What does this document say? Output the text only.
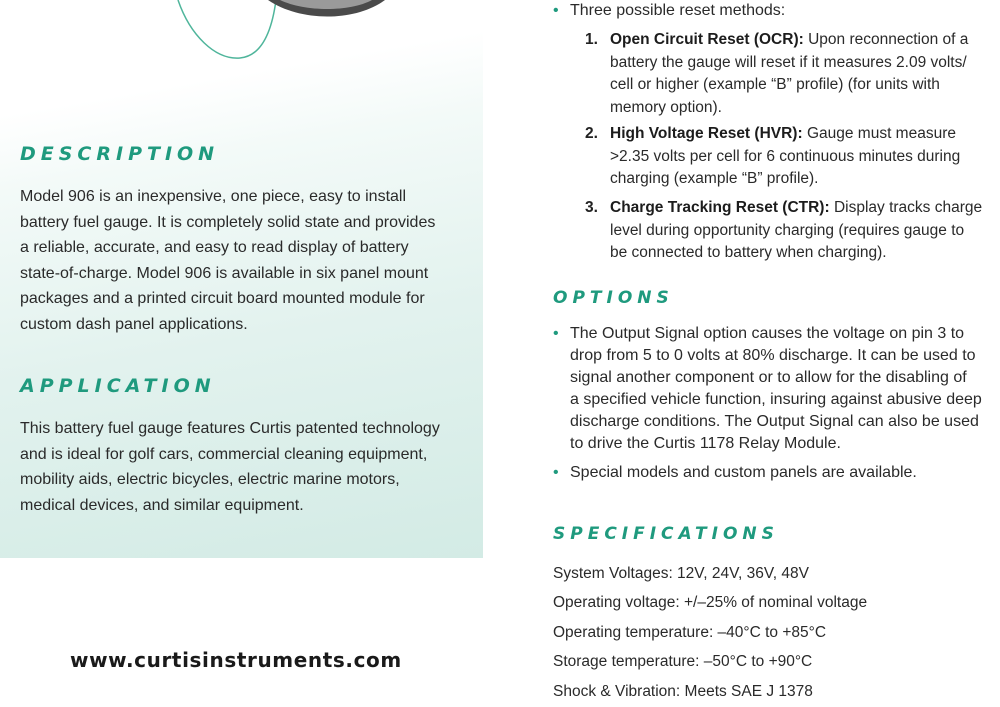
DESCRIPTION
Model 906 is an inexpensive, one piece, easy to install
battery fuel gauge. It is completely solid state and provides
a reliable, accurate, and easy to read display of battery
state-of-charge. Model 906 is available in six panel mount
packages and a printed circuit board mounted module for
custom dash panel applications.
APPLICATION
This battery fuel gauge features Curtis patented technology
and is ideal for golf cars, commercial cleaning equipment,
mobility aids, electric bicycles, electric marine motors,
medical devices, and similar equipment.
www.curtisinstruments.com
• Three possible reset methods:
1. Open Circuit Reset (OCR): Upon reconnection of a
battery the gauge will reset if it measures 2.09 volts/
cell or higher (example “B” profile) (for units with
memory option).
2. High Voltage Reset (HVR): Gauge must measure
>2.35 volts per cell for 6 continuous minutes during
charging (example “B” profile).
3. Charge Tracking Reset (CTR): Display tracks charge
level during opportunity charging (requires gauge to
be connected to battery when charging).
OPTIONS
• The Output Signal option causes the voltage on pin 3 to
drop from 5 to 0 volts at 80% discharge. It can be used to
signal another component or to allow for the disabling of
a specified vehicle function, insuring against abusive deep
discharge conditions. The Output Signal can also be used
to drive the Curtis 1178 Relay Module.
• Special models and custom panels are available.
SPECIFICATIONS
System Voltages: 12V, 24V, 36V, 48V
Operating voltage: +/–25% of nominal voltage
Operating temperature: –40°C to +85°C
Storage temperature: –50°C to +90°C
Shock & Vibration: Meets SAE J 1378
